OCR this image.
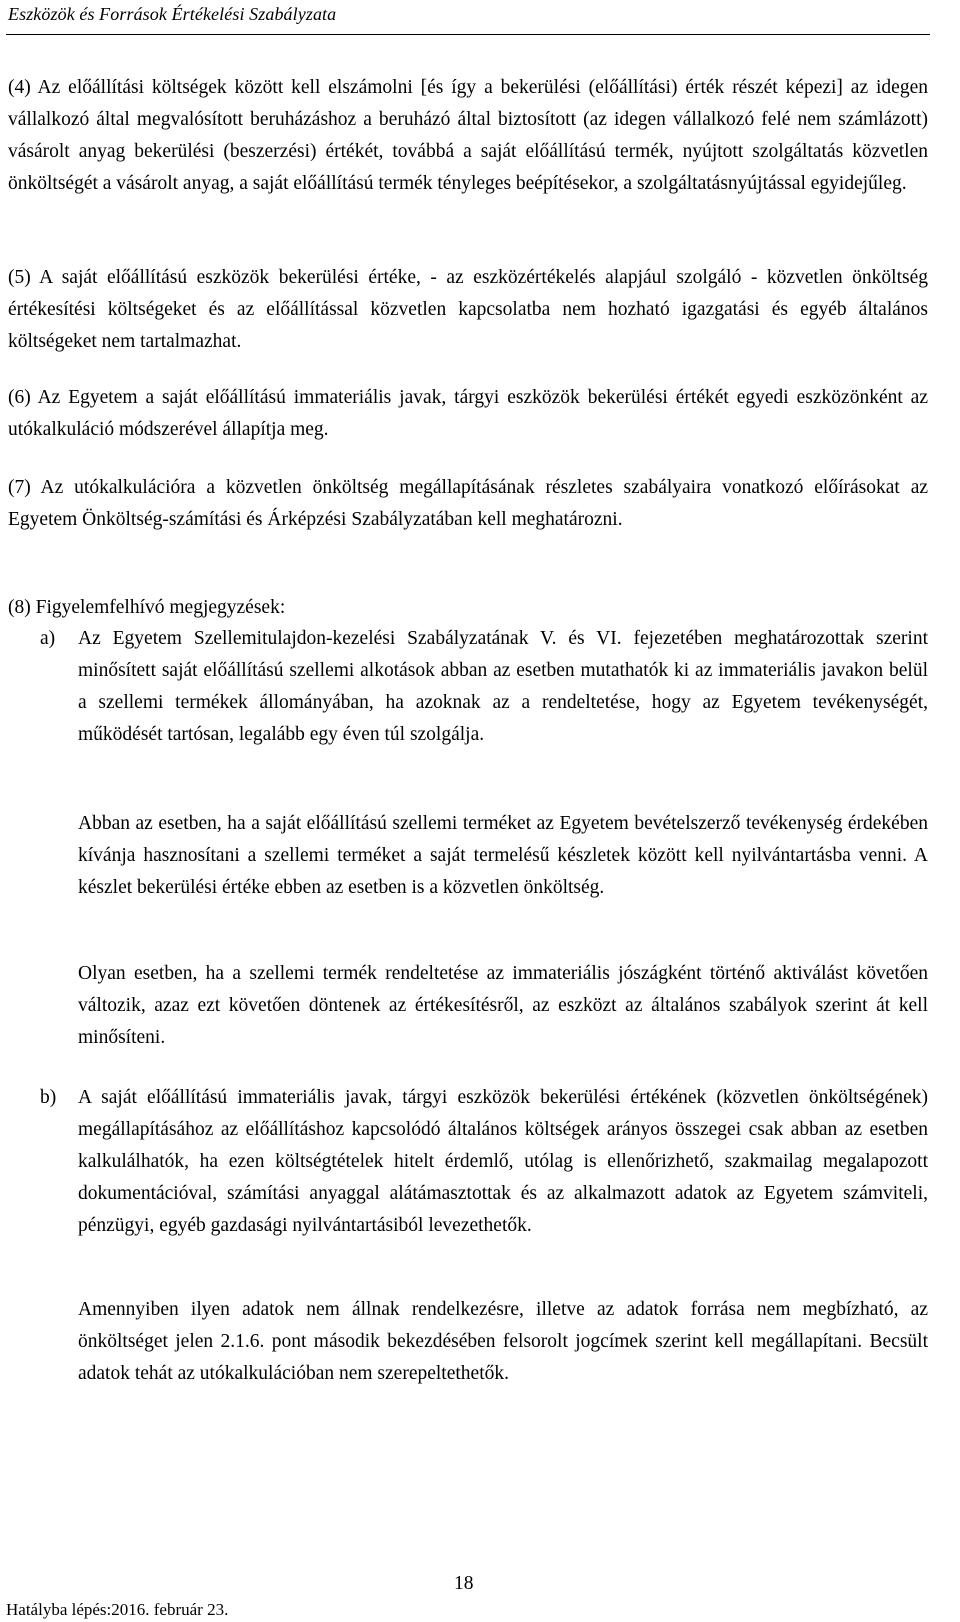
Eszközök és Források Értékelési Szabályzata
(4) Az előállítási költségek között kell elszámolni [és így a bekerülési (előállítási) érték részét képezi] az idegen vállalkozó által megvalósított beruházáshoz a beruházó által biztosított (az idegen vállalkozó felé nem számlázott) vásárolt anyag bekerülési (beszerzési) értékét, továbbá a saját előállítású termék, nyújtott szolgáltatás közvetlen önköltségét a vásárolt anyag, a saját előállítású termék tényleges beépítésekor, a szolgáltatásnyújtással egyidejűleg.
(5) A saját előállítású eszközök bekerülési értéke, - az eszközértékelés alapjául szolgáló - közvetlen önköltség értékesítési költségeket és az előállítással közvetlen kapcsolatba nem hozható igazgatási és egyéb általános költségeket nem tartalmazhat.
(6) Az Egyetem a saját előállítású immateriális javak, tárgyi eszközök bekerülési értékét egyedi eszközönként az utókalkuláció módszerével állapítja meg.
(7) Az utókalkulációra a közvetlen önköltség megállapításának részletes szabályaira vonatkozó előírásokat az Egyetem Önköltség-számítási és Árképzési Szabályzatában kell meghatározni.
(8) Figyelemfelhívó megjegyzések:
a) Az Egyetem Szellemitulajdon-kezelési Szabályzatának V. és VI. fejezetében meghatározottak szerint minősített saját előállítású szellemi alkotások abban az esetben mutathatók ki az immateriális javakon belül a szellemi termékek állományában, ha azoknak az a rendeltetése, hogy az Egyetem tevékenységét, működését tartósan, legalább egy éven túl szolgálja.
Abban az esetben, ha a saját előállítású szellemi terméket az Egyetem bevételszerző tevékenység érdekében kívánja hasznosítani a szellemi terméket a saját termelésű készletek között kell nyilvántartásba venni. A készlet bekerülési értéke ebben az esetben is a közvetlen önköltség.
Olyan esetben, ha a szellemi termék rendeltetése az immateriális jószágként történő aktiválást követően változik, azaz ezt követően döntenek az értékesítésről, az eszközt az általános szabályok szerint át kell minősíteni.
b) A saját előállítású immateriális javak, tárgyi eszközök bekerülési értékének (közvetlen önköltségének) megállapításához az előállításhoz kapcsolódó általános költségek arányos összegei csak abban az esetben kalkulálhatók, ha ezen költségtételek hitelt érdemlő, utólag is ellenőrizhető, szakmailag megalapozott dokumentációval, számítási anyaggal alátámasztottak és az alkalmazott adatok az Egyetem számviteli, pénzügyi, egyéb gazdasági nyilvántartásiból levezethetők.
Amennyiben ilyen adatok nem állnak rendelkezésre, illetve az adatok forrása nem megbízható, az önköltséget jelen 2.1.6. pont második bekezdésében felsorolt jogcímek szerint kell megállapítani. Becsült adatok tehát az utókalkulációban nem szerepeltethetők.
18
Hatályba lépés:2016. február 23.
